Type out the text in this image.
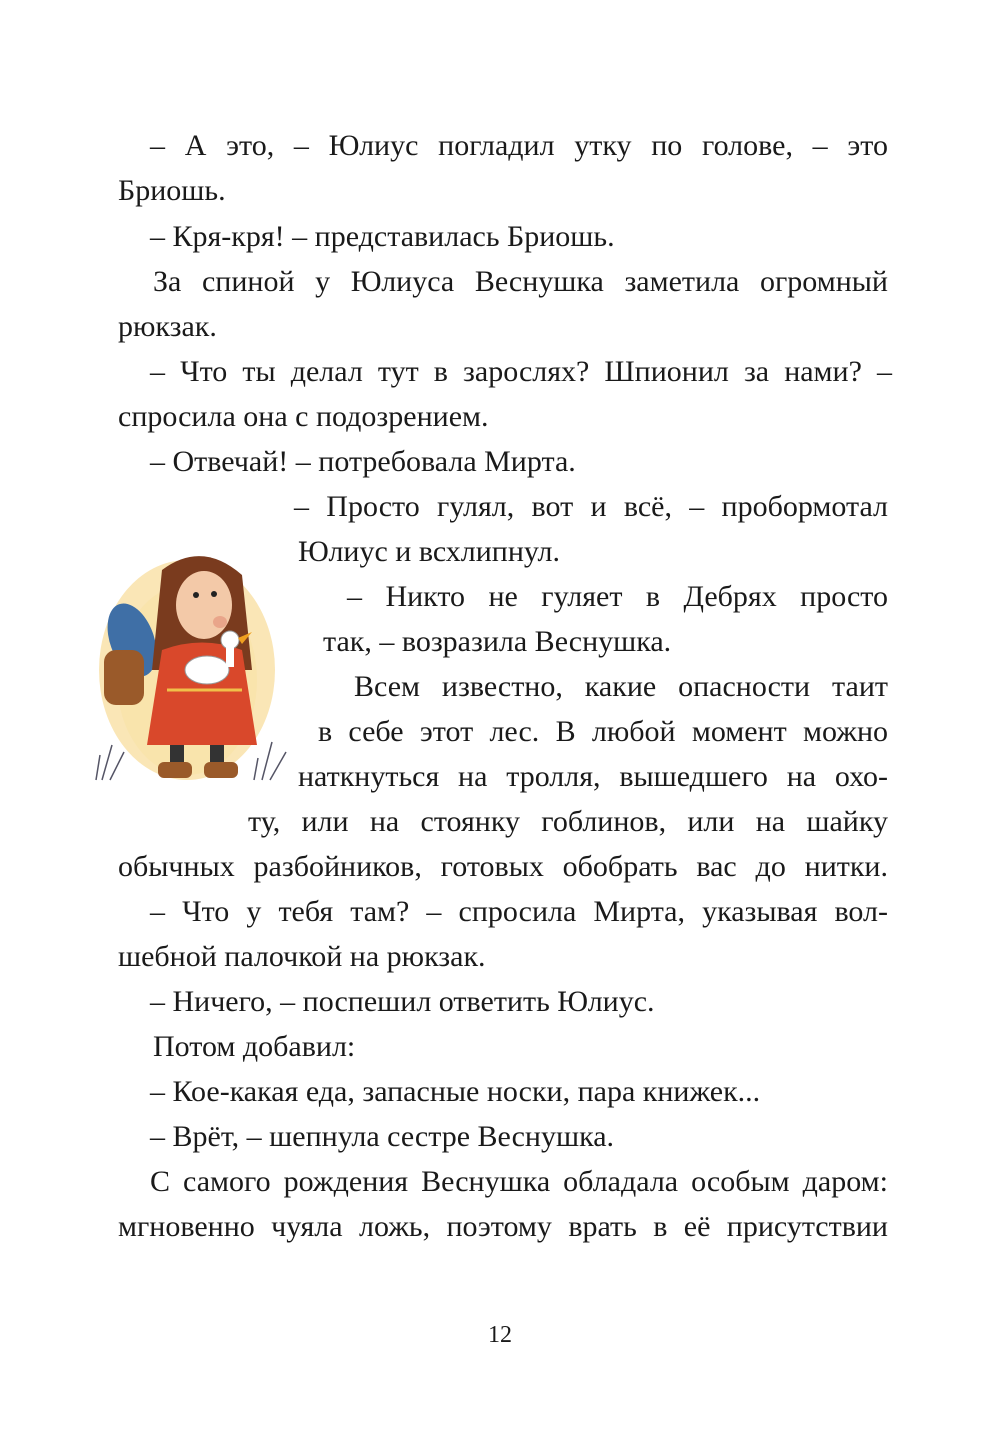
– А это, – Юлиус погладил утку по голове, – это
Бриошь.
– Кря-кря! – представилась Бриошь.
За спиной у Юлиуса Веснушка заметила огромный
рюкзак.
– Что ты делал тут в зарослях? Шпионил за нами? –
спросила она с подозрением.
– Отвечай! – потребовала Мирта.
– Просто гулял, вот и всё, – пробормотал
Юлиус и всхлипнул.
– Никто не гуляет в Дебрях просто
так, – возразила Веснушка.
Всем известно, какие опасности таит
в себе этот лес. В любой момент можно
наткнуться на тролля, вышедшего на охо-
ту, или на стоянку гоблинов, или на шайку
обычных разбойников, готовых обобрать вас до нитки.
– Что у тебя там? – спросила Мирта, указывая вол-
шебной палочкой на рюкзак.
– Ничего, – поспешил ответить Юлиус.
Потом добавил:
– Кое-какая еда, запасные носки, пара книжек...
– Врёт, – шепнула сестре Веснушка.
С самого рождения Веснушка обладала особым даром:
мгновенно чуяла ложь, поэтому врать в её присутствии
12
